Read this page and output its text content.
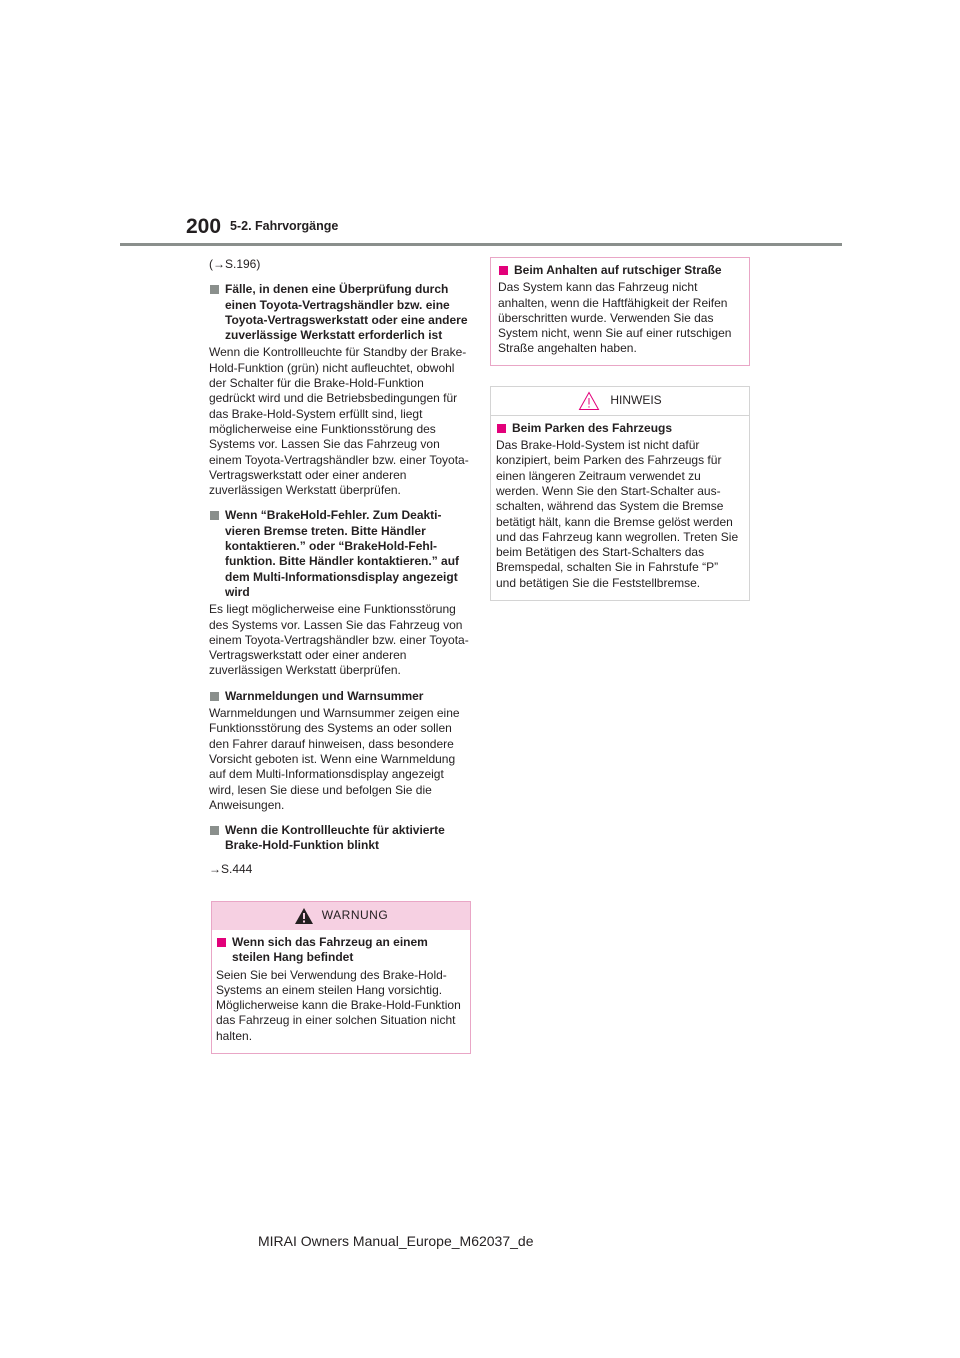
200 5-2. Fahrvorgänge

(→S.196)

Fälle, in denen eine Überprüfung durch einen Toyota-Vertragshändler bzw. eine Toyota-Vertragswerkstatt oder eine andere zuverlässige Werkstatt erforderlich ist

Wenn die Kontrollleuchte für Standby der Brake-Hold-Funktion (grün) nicht aufleuchtet, obwohl der Schalter für die Brake-Hold-Funktion gedrückt wird und die Betriebsbedingungen für das Brake-Hold-System erfüllt sind, liegt möglicherweise eine Funktionsstörung des Systems vor. Lassen Sie das Fahrzeug von einem Toyota-Vertragshändler bzw. einer Toyota-Vertragswerkstatt oder einer anderen zuverlässigen Werkstatt überprüfen.

Wenn “BrakeHold-Fehler. Zum Deaktivieren Bremse treten. Bitte Händler kontaktieren.” oder “BrakeHold-Fehlfunktion. Bitte Händler kontaktieren.” auf dem Multi-Informationsdisplay angezeigt wird

Es liegt möglicherweise eine Funktionsstörung des Systems vor. Lassen Sie das Fahrzeug von einem Toyota-Vertragshändler bzw. einer Toyota-Vertragswerkstatt oder einer anderen zuverlässigen Werkstatt überprüfen.

Warnmeldungen und Warnsummer

Warnmeldungen und Warnsummer zeigen eine Funktionsstörung des Systems an oder sollen den Fahrer darauf hinweisen, dass besondere Vorsicht geboten ist. Wenn eine Warnmeldung auf dem Multi-Informationsdisplay angezeigt wird, lesen Sie diese und befolgen Sie die Anweisungen.

Wenn die Kontrollleuchte für aktivierte Brake-Hold-Funktion blinkt

→S.444

WARNUNG
Wenn sich das Fahrzeug an einem steilen Hang befindet

Seien Sie bei Verwendung des Brake-Hold-Systems an einem steilen Hang vorsichtig. Möglicherweise kann die Brake-Hold-Funktion das Fahrzeug in einer solchen Situation nicht halten.

Beim Anhalten auf rutschiger Straße

Das System kann das Fahrzeug nicht anhalten, wenn die Haftfähigkeit der Reifen überschritten wurde. Verwenden Sie das System nicht, wenn Sie auf einer rutschigen Straße angehalten haben.

HINWEIS
Beim Parken des Fahrzeugs

Das Brake-Hold-System ist nicht dafür konzipiert, beim Parken des Fahrzeugs für einen längeren Zeitraum verwendet zu werden. Wenn Sie den Start-Schalter ausschalten, während das System die Bremse betätigt hält, kann die Bremse gelöst werden und das Fahrzeug kann wegrollen. Treten Sie beim Betätigen des Start-Schalters das Bremspedal, schalten Sie in Fahrstufe “P” und betätigen Sie die Feststellbremse.

MIRAI Owners Manual_Europe_M62037_de
